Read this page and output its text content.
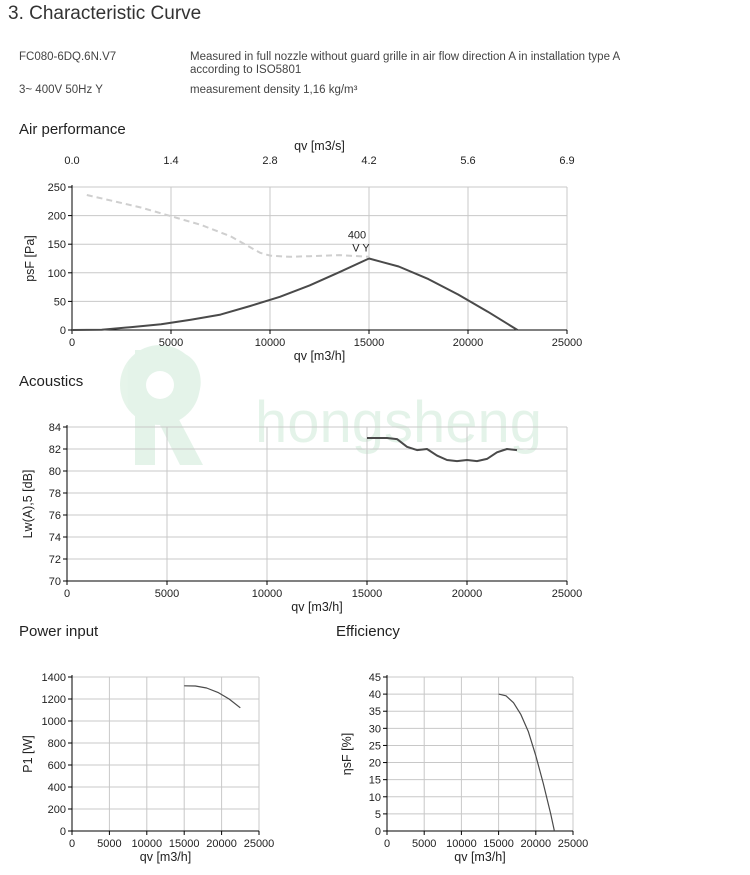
3. Characteristic Curve
FC080-6DQ.6N.V7	Measured in full nozzle without guard grille in air flow direction A in installation type A according to ISO5801
3~ 400V 50Hz Y	measurement density 1,16 kg/m³
hongsheng
Air performance
Acoustics
Power input	Efficiency
0	5000	10000	15000	20000	25000
0
50
100
150
200
250
0.0	1.4	2.8	4.2	5.6	6.9
qv [m3/s]
qv [m3/h]
psF [Pa]	400
V Y
0	5000	10000	15000	20000	25000
70
72
74
76
78
80
82
84
qv [m3/h]
Lw(A),5 [dB]
0 5000 10000 15000 20000 25000
0
200
400
600
800
1000
1200
1400
qv [m3/h]
P1 [W]
0 5000 10000 15000 20000 25000
0
5
10
15
20
25
30
35
40
45
qv [m3/h]
ηsF [%]
